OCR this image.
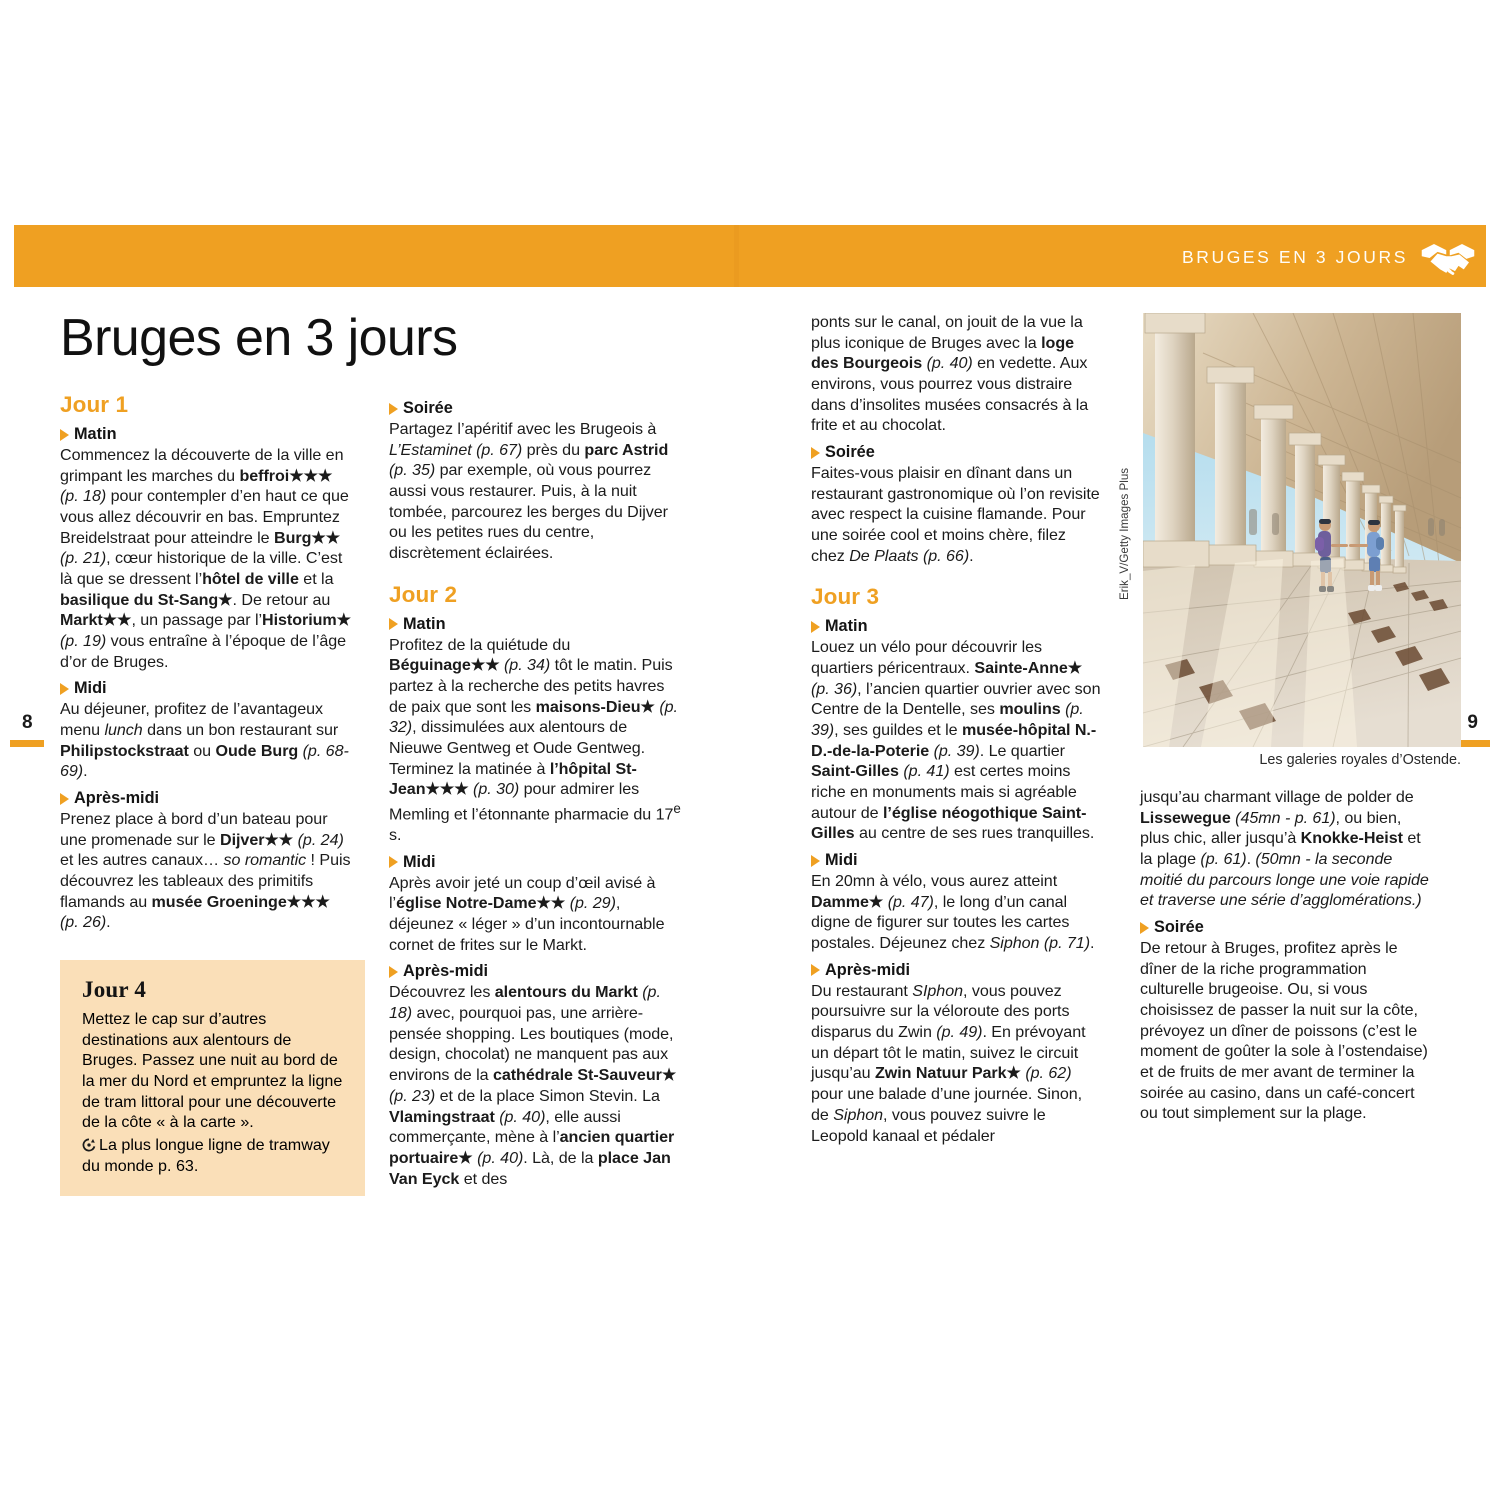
BRUGES EN 3 JOURS
8	9
Bruges en 3 jours
Jour 1
Matin

Commencez la découverte de la ville en grimpant les marches du beffroi★★★ (p. 18) pour contempler d’en haut ce que vous allez découvrir en bas. Empruntez Breidelstraat pour atteindre le Burg★★ (p. 21), cœur historique de la ville. C’est là que se dressent l’hôtel de ville et la basilique du St-Sang★. De retour au Markt★★, un passage par l’Historium★ (p. 19) vous entraîne à l’époque de l’âge d’or de Bruges.

Midi

Au déjeuner, profitez de l’avantageux menu lunch dans un bon restaurant sur Philipstockstraat ou Oude Burg (p. 68-69).

Après-midi

Prenez place à bord d’un bateau pour une promenade sur le Dijver★★ (p. 24) et les autres canaux… so romantic ! Puis découvrez les tableaux des primitifs flamands au musée Groeninge★★★ (p. 26).

Jour 4
Mettez le cap sur d’autres destinations aux alentours de Bruges. Passez une nuit au bord de la mer du Nord et empruntez la ligne de tram littoral pour une découverte de la côte « à la carte ».
La plus longue ligne de tramway du monde p. 63.
Soirée

Partagez l’apéritif avec les Brugeois à L’Estaminet (p. 67) près du parc Astrid (p. 35) par exemple, où vous pourrez aussi vous restaurer. Puis, à la nuit tombée, parcourez les berges du Dijver ou les petites rues du centre, discrètement éclairées.

Jour 2
Matin

Profitez de la quiétude du Béguinage★★ (p. 34) tôt le matin. Puis partez à la recherche des petits havres de paix que sont les maisons-Dieu★ (p. 32), dissimulées aux alentours de Nieuwe Gentweg et Oude Gentweg. Terminez la matinée à l’hôpital St-Jean★★★ (p. 30) pour admirer les Memling et l’étonnante pharmacie du 17e s.

Midi

Après avoir jeté un coup d’œil avisé à l’église Notre-Dame★★ (p. 29), déjeunez « léger » d’un incontournable cornet de frites sur le Markt.

Après-midi

Découvrez les alentours du Markt (p. 18) avec, pourquoi pas, une arrière-pensée shopping. Les boutiques (mode, design, chocolat) ne manquent pas aux environs de la cathédrale St-Sauveur★ (p. 23) et de la place Simon Stevin. La Vlamingstraat (p. 40), elle aussi commerçante, mène à l’ancien quartier portuaire★ (p. 40). Là, de la place Jan Van Eyck et des

ponts sur le canal, on jouit de la vue la plus iconique de Bruges avec la loge des Bourgeois (p. 40) en vedette. Aux environs, vous pourrez vous distraire dans d’insolites musées consacrés à la frite et au chocolat.

Soirée

Faites-vous plaisir en dînant dans un restaurant gastronomique où l’on revisite avec respect la cuisine flamande. Pour une soirée cool et moins chère, filez chez De Plaats (p. 66).

Jour 3
Matin

Louez un vélo pour découvrir les quartiers péricentraux. Sainte-Anne★ (p. 36), l’ancien quartier ouvrier avec son Centre de la Dentelle, ses moulins (p. 39), ses guildes et le musée-hôpital N.-D.-de-la-Poterie (p. 39). Le quartier Saint-Gilles (p. 41) est certes moins riche en monuments mais si agréable autour de l’église néogothique Saint-Gilles au centre de ses rues tranquilles.

Midi

En 20mn à vélo, vous aurez atteint Damme★ (p. 47), le long d’un canal digne de figurer sur toutes les cartes postales. Déjeunez chez Siphon (p. 71).

Après-midi

Du restaurant SIphon, vous pouvez poursuivre sur la véloroute des ports disparus du Zwin (p. 49). En prévoyant un départ tôt le matin, suivez le circuit jusqu’au Zwin Natuur Park★ (p. 62) pour une balade d’une journée. Sinon, de Siphon, vous pouvez suivre le Leopold kanaal et pédaler

jusqu’au charmant village de polder de Lissewegue (45mn - p. 61), ou bien, plus chic, aller jusqu’à Knokke-Heist et la plage (p. 61). (50mn - la seconde moitié du parcours longe une voie rapide et traverse une série d’agglomérations.)

Soirée

De retour à Bruges, profitez après le dîner de la riche programmation culturelle brugeoise. Ou, si vous choisissez de passer la nuit sur la côte, prévoyez un dîner de poissons (c’est le moment de goûter la sole à l’ostendaise) et de fruits de mer avant de terminer la soirée au casino, dans un café-concert ou tout simplement sur la plage.

Les galeries royales d’Ostende.
Erik_V/Getty Images Plus
